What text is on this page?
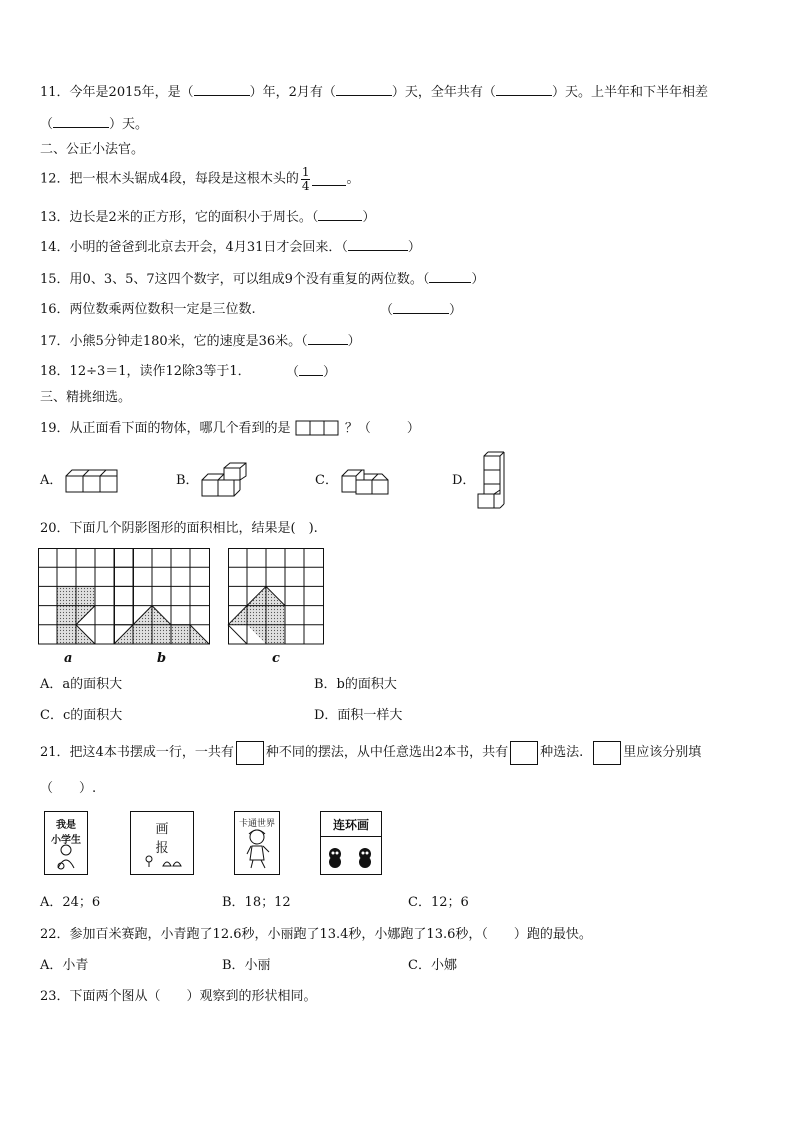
11．今年是2015年，是（	）年，2月有（	）天，全年共有（	）天。上半年和下半年相差
（	）天。
二、公正小法官。
12．把一根木头锯成4段，每段是这根木头的 $\frac{1}{4}$	。
13．边长是2米的正方形，它的面积小于周长。（	）
14．小明的爸爸到北京去开会，4月31日才会回来．（	）
15．用0、3、5、7这四个数字，可以组成9个没有重复的两位数。（	）
16．两位数乘两位数积一定是三位数.	（	）
17．小熊5分钟走180米，它的速度是36米。（	）
18．12÷3＝1，读作12除3等于1．	（ ）
三、精挑细选。
19．从正面看下面的物体，哪几个看到的是	？（	）
A．	B．	C．	D．
20．下面几个阴影图形的面积相比，结果是(　).
a	b	c
A．a的面积大	B．b的面积大
C．c的面积大	D．面积一样大
21．把这4本书摆成一行，一共有 种不同的摆法，从中任意选出2本书，共有 种选法.	里应该分别填
（　　）.
我是
小学生
画
报
卡通世界	连环画
A．24；6	B．18；12	C．12；6
22．参加百米赛跑，小青跑了12.6秒，小丽跑了13.4秒，小娜跑了13.6秒，（　　）跑的最快。
A．小青	B．小丽	C．小娜
23．下面两个图从（　　）观察到的形状相同。
